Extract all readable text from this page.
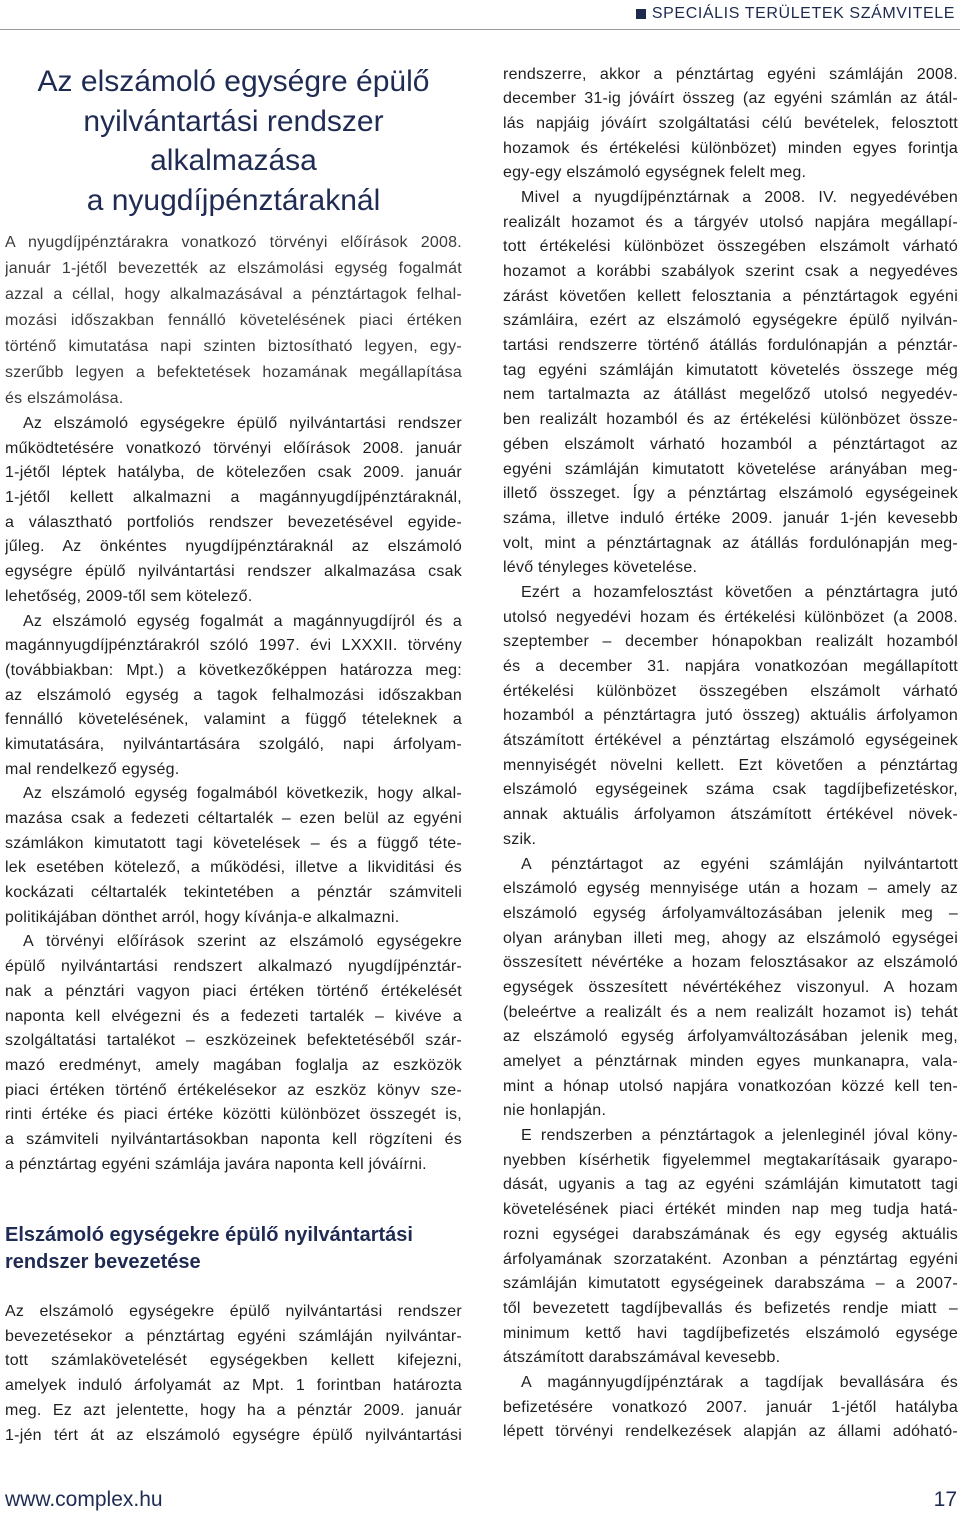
SPECIÁLIS TERÜLETEK SZÁMVITELE
Az elszámoló egységre épülő
nyilvántartási rendszer
alkalmazása
a nyugdíjpénztáraknál
A nyugdíjpénztárakra vonatkozó törvényi előírások 2008.
január 1-jétől bevezették az elszámolási egység fogalmát
azzal a céllal, hogy alkalmazásával a pénztártagok felhal-
mozási időszakban fennálló követelésének piaci értéken
történő kimutatása napi szinten biztosítható legyen, egy-
szerűbb legyen a befektetések hozamának megállapítása
és elszámolása.
Az elszámoló egységekre épülő nyilvántartási rendszer
működtetésére vonatkozó törvényi előírások 2008. január
1-jétől léptek hatályba, de kötelezően csak 2009. január
1-jétől kellett alkalmazni a magánnyugdíjpénztáraknál,
a választható portfoliós rendszer bevezetésével egyide-
jűleg. Az önkéntes nyugdíjpénztáraknál az elszámoló
egységre épülő nyilvántartási rendszer alkalmazása csak
lehetőség, 2009-től sem kötelező.
Az elszámoló egység fogalmát a magánnyugdíjról és a
magánnyugdíjpénztárakról szóló 1997. évi LXXXII. törvény
(továbbiakban: Mpt.) a következőképpen határozza meg:
az elszámoló egység a tagok felhalmozási időszakban
fennálló követelésének, valamint a függő tételeknek a
kimutatására, nyilvántartására szolgáló, napi árfolyam-
mal rendelkező egység.
Az elszámoló egység fogalmából következik, hogy alkal-
mazása csak a fedezeti céltartalék – ezen belül az egyéni
számlákon kimutatott tagi követelések – és a függő téte-
lek esetében kötelező, a működési, illetve a likviditási és
kockázati céltartalék tekintetében a pénztár számviteli
politikájában dönthet arról, hogy kívánja-e alkalmazni.
A törvényi előírások szerint az elszámoló egységekre
épülő nyilvántartási rendszert alkalmazó nyugdíjpénztár-
nak a pénztári vagyon piaci értéken történő értékelését
naponta kell elvégezni és a fedezeti tartalék – kivéve a
szolgáltatási tartalékot – eszközeinek befektetéséből szár-
mazó eredményt, amely magában foglalja az eszközök
piaci értéken történő értékelésekor az eszköz könyv sze-
rinti értéke és piaci értéke közötti különbözet összegét is,
a számviteli nyilvántartásokban naponta kell rögzíteni és
a pénztártag egyéni számlája javára naponta kell jóváírni.
Elszámoló egységekre épülő nyilvántartási
rendszer bevezetése
Az elszámoló egységekre épülő nyilvántartási rendszer
bevezetésekor a pénztártag egyéni számláján nyilvántar-
tott számlakövetelését egységekben kellett kifejezni,
amelyek induló árfolyamát az Mpt. 1 forintban határozta
meg. Ez azt jelentette, hogy ha a pénztár 2009. január
1-jén tért át az elszámoló egységre épülő nyilvántartási
rendszerre, akkor a pénztártag egyéni számláján 2008.
december 31-ig jóváírt összeg (az egyéni számlán az átál-
lás napjáig jóváírt szolgáltatási célú bevételek, felosztott
hozamok és értékelési különbözet) minden egyes forintja
egy-egy elszámoló egységnek felelt meg.
Mivel a nyugdíjpénztárnak a 2008. IV. negyedévében
realizált hozamot és a tárgyév utolsó napjára megállapí-
tott értékelési különbözet összegében elszámolt várható
hozamot a korábbi szabályok szerint csak a negyedéves
zárást követően kellett felosztania a pénztártagok egyéni
számláira, ezért az elszámoló egységekre épülő nyilván-
tartási rendszerre történő átállás fordulónapján a pénztár-
tag egyéni számláján kimutatott követelés összege még
nem tartalmazta az átállást megelőző utolsó negyedév-
ben realizált hozamból és az értékelési különbözet össze-
gében elszámolt várható hozamból a pénztártagot az
egyéni számláján kimutatott követelése arányában meg-
illető összeget. Így a pénztártag elszámoló egységeinek
száma, illetve induló értéke 2009. január 1-jén kevesebb
volt, mint a pénztártagnak az átállás fordulónapján meg-
lévő tényleges követelése.
Ezért a hozamfelosztást követően a pénztártagra jutó
utolsó negyedévi hozam és értékelési különbözet (a 2008.
szeptember – december hónapokban realizált hozamból
és a december 31. napjára vonatkozóan megállapított
értékelési különbözet összegében elszámolt várható
hozamból a pénztártagra jutó összeg) aktuális árfolyamon
átszámított értékével a pénztártag elszámoló egységeinek
mennyiségét növelni kellett. Ezt követően a pénztártag
elszámoló egységeinek száma csak tagdíjbefizetéskor,
annak aktuális árfolyamon átszámított értékével növek-
szik.
A pénztártagot az egyéni számláján nyilvántartott
elszámoló egység mennyisége után a hozam – amely az
elszámoló egység árfolyamváltozásában jelenik meg –
olyan arányban illeti meg, ahogy az elszámoló egységei
összesített névértéke a hozam felosztásakor az elszámoló
egységek összesített névértékéhez viszonyul. A hozam
(beleértve a realizált és a nem realizált hozamot is) tehát
az elszámoló egység árfolyamváltozásában jelenik meg,
amelyet a pénztárnak minden egyes munkanapra, vala-
mint a hónap utolsó napjára vonatkozóan közzé kell ten-
nie honlapján.
E rendszerben a pénztártagok a jelenleginél jóval köny-
nyebben kísérhetik figyelemmel megtakarításaik gyarapo-
dását, ugyanis a tag az egyéni számláján kimutatott tagi
követelésének piaci értékét minden nap meg tudja hatá-
rozni egységei darabszámának és egy egység aktuális
árfolyamának szorzataként. Azonban a pénztártag egyéni
számláján kimutatott egységeinek darabszáma – a 2007-
től bevezetett tagdíjbevallás és befizetés rendje miatt –
minimum kettő havi tagdíjbefizetés elszámoló egysége
átszámított darabszámával kevesebb.
A magánnyugdíjpénztárak a tagdíjak bevallására és
befizetésére vonatkozó 2007. január 1-jétől hatályba
lépett törvényi rendelkezések alapján az állami adóható-
www.complex.hu	17
